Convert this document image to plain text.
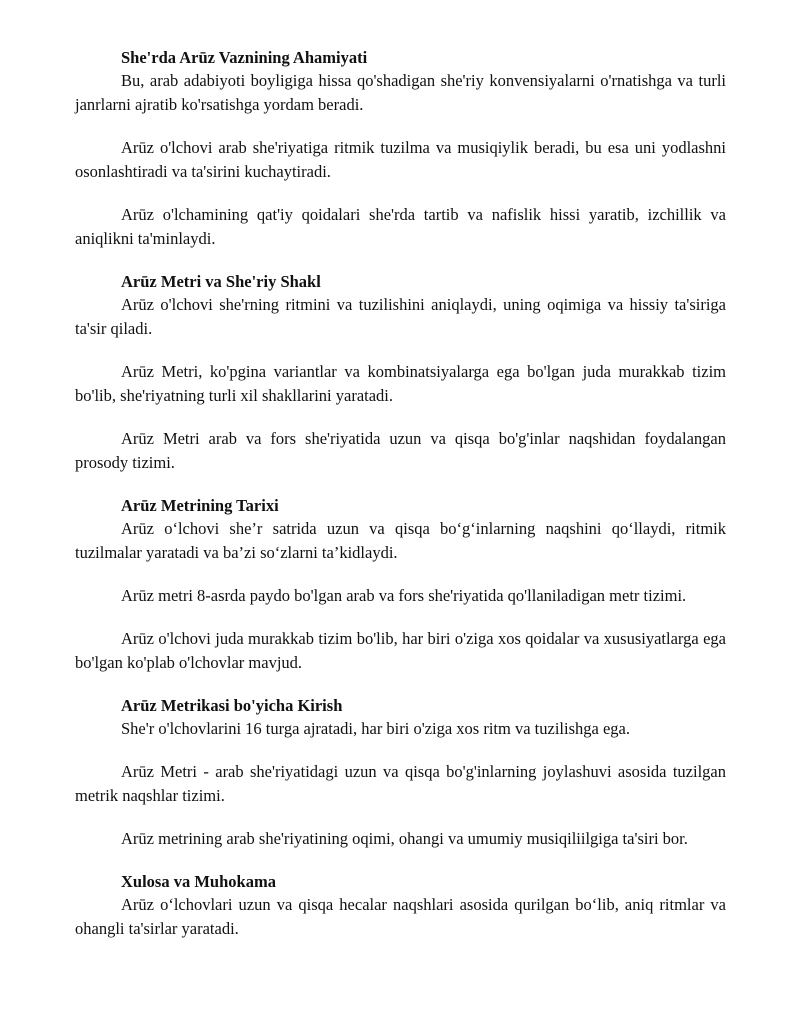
She'rda Arūz Vaznining Ahamiyati

Bu, arab adabiyoti boyligiga hissa qo'shadigan she'riy konvensiyalarni o'rnatishga va turli janrlarni ajratib ko'rsatishga yordam beradi.

Arūz o'lchovi arab she'riyatiga ritmik tuzilma va musiqiylik beradi, bu esa uni yodlashni osonlashtiradi va ta'sirini kuchaytiradi.

Arūz o'lchamining qat'iy qoidalari she'rda tartib va nafislik hissi yaratib, izchillik va aniqlikni ta'minlaydi.

Arūz Metri va She'riy Shakl

Arūz o'lchovi she'rning ritmini va tuzilishini aniqlaydi, uning oqimiga va hissiy ta'siriga ta'sir qiladi.

Arūz Metri, ko'pgina variantlar va kombinatsiyalarga ega bo'lgan juda murakkab tizim bo'lib, she'riyatning turli xil shakllarini yaratadi.

Arūz Metri arab va fors she'riyatida uzun va qisqa bo'g'inlar naqshidan foydalangan prosody tizimi.

Arūz Metrining Tarixi

Arūz o‘lchovi she’r satrida uzun va qisqa bo‘g‘inlarning naqshini qo‘llaydi, ritmik tuzilmalar yaratadi va ba’zi so‘zlarni ta’kidlaydi.

Arūz metri 8-asrda paydo bo'lgan arab va fors she'riyatida qo'llaniladigan metr tizimi.

Arūz o'lchovi juda murakkab tizim bo'lib, har biri o'ziga xos qoidalar va xususiyatlarga ega bo'lgan ko'plab o'lchovlar mavjud.

Arūz Metrikasi bo'yicha Kirish

She'r o'lchovlarini 16 turga ajratadi, har biri o'ziga xos ritm va tuzilishga ega.

Arūz Metri - arab she'riyatidagi uzun va qisqa bo'g'inlarning joylashuvi asosida tuzilgan metrik naqshlar tizimi.

Arūz metrining arab she'riyatining oqimi, ohangi va umumiy musiqiliilgiga ta'siri bor.

Xulosa va Muhokama

Arūz o‘lchovlari uzun va qisqa hecalar naqshlari asosida qurilgan bo‘lib, aniq ritmlar va ohangli ta'sirlar yaratadi.
